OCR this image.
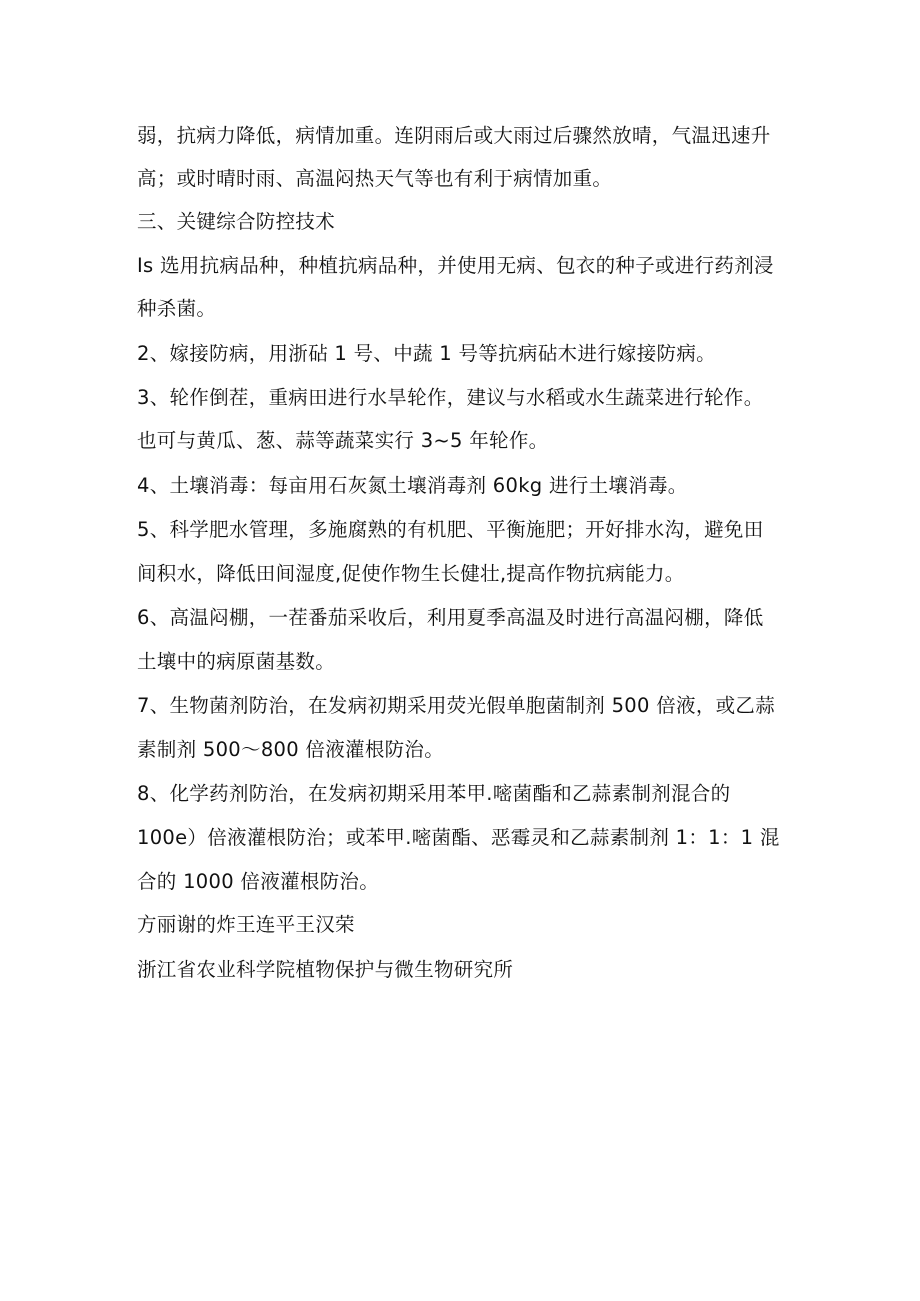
弱，抗病力降低，病情加重。连阴雨后或大雨过后骤然放晴，气温迅速升
高；或时晴时雨、高温闷热天气等也有利于病情加重。
三、关键综合防控技术
Is 选用抗病品种，种植抗病品种，并使用无病、包衣的种子或进行药剂浸
种杀菌。
2、嫁接防病，用浙砧 1 号、中蔬 1 号等抗病砧木进行嫁接防病。
3、轮作倒茬，重病田进行水旱轮作，建议与水稻或水生蔬菜进行轮作。
也可与黄瓜、葱、蒜等蔬菜实行 3~5 年轮作。
4、土壤消毒：每亩用石灰氮土壤消毒剂 60kg 进行土壤消毒。
5、科学肥水管理，多施腐熟的有机肥、平衡施肥；开好排水沟，避免田
间积水，降低田间湿度,促使作物生长健壮,提高作物抗病能力。
6、高温闷棚，一茬番茄采收后，利用夏季高温及时进行高温闷棚，降低
土壤中的病原菌基数。
7、生物菌剂防治，在发病初期采用荧光假单胞菌制剂 500 倍液，或乙蒜
素制剂 500〜800 倍液灌根防治。
8、化学药剂防治，在发病初期采用苯甲.嘧菌酯和乙蒜素制剂混合的
100e）倍液灌根防治；或苯甲.嘧菌酯、恶霉灵和乙蒜素制剂 1：1：1 混
合的 1000 倍液灌根防治。
方丽谢的炸王连平王汉荣
浙江省农业科学院植物保护与微生物研究所
